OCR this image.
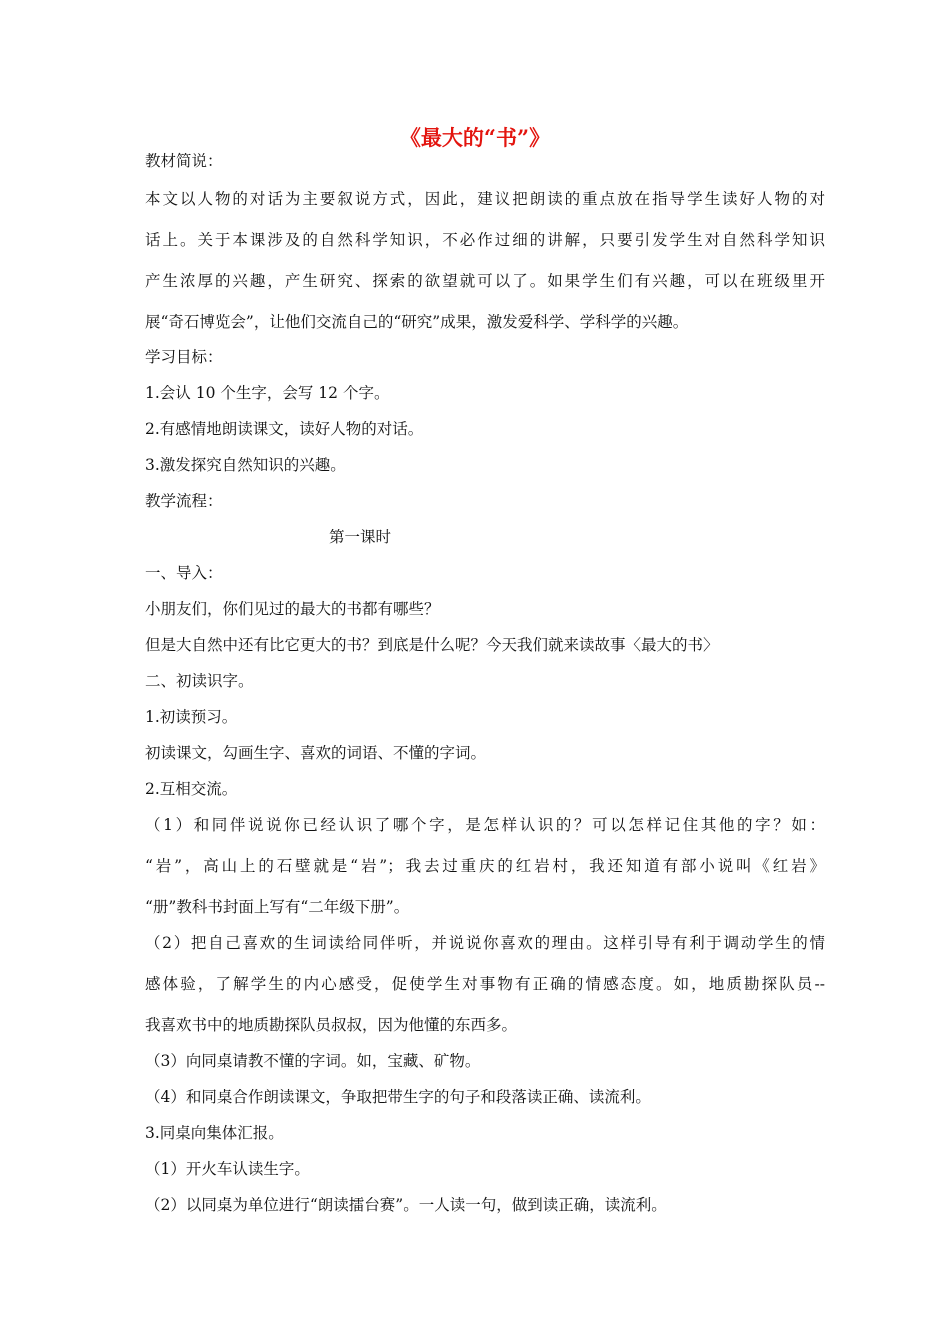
《最大的“书”》
教材简说：
本文以人物的对话为主要叙说方式，因此，建议把朗读的重点放在指导学生读好人物的对
话上。关于本课涉及的自然科学知识，不必作过细的讲解，只要引发学生对自然科学知识
产生浓厚的兴趣，产生研究、探索的欲望就可以了。如果学生们有兴趣，可以在班级里开
展“奇石博览会”，让他们交流自己的“研究”成果，激发爱科学、学科学的兴趣。
学习目标：
1.会认 10 个生字，会写 12 个字。
2.有感情地朗读课文，读好人物的对话。
3.激发探究自然知识的兴趣。
教学流程：
第一课时
一、导入：
小朋友们，你们见过的最大的书都有哪些？
但是大自然中还有比它更大的书？到底是什么呢？今天我们就来读故事〈最大的书〉
二、初读识字。
1.初读预习。
初读课文，勾画生字、喜欢的词语、不懂的字词。
2.互相交流。
（1）和同伴说说你已经认识了哪个字，是怎样认识的？可以怎样记住其他的字？如：
“岩”，高山上的石壁就是“岩”；我去过重庆的红岩村，我还知道有部小说叫《红岩》
“册”教科书封面上写有“二年级下册”。
（2）把自己喜欢的生词读给同伴听，并说说你喜欢的理由。这样引导有利于调动学生的情
感体验，了解学生的内心感受，促使学生对事物有正确的情感态度。如，地质勘探队员--
我喜欢书中的地质勘探队员叔叔，因为他懂的东西多。
（3）向同桌请教不懂的字词。如，宝藏、矿物。
（4）和同桌合作朗读课文，争取把带生字的句子和段落读正确、读流利。
3.同桌向集体汇报。
（1）开火车认读生字。
（2）以同桌为单位进行“朗读擂台赛”。一人读一句，做到读正确，读流利。
